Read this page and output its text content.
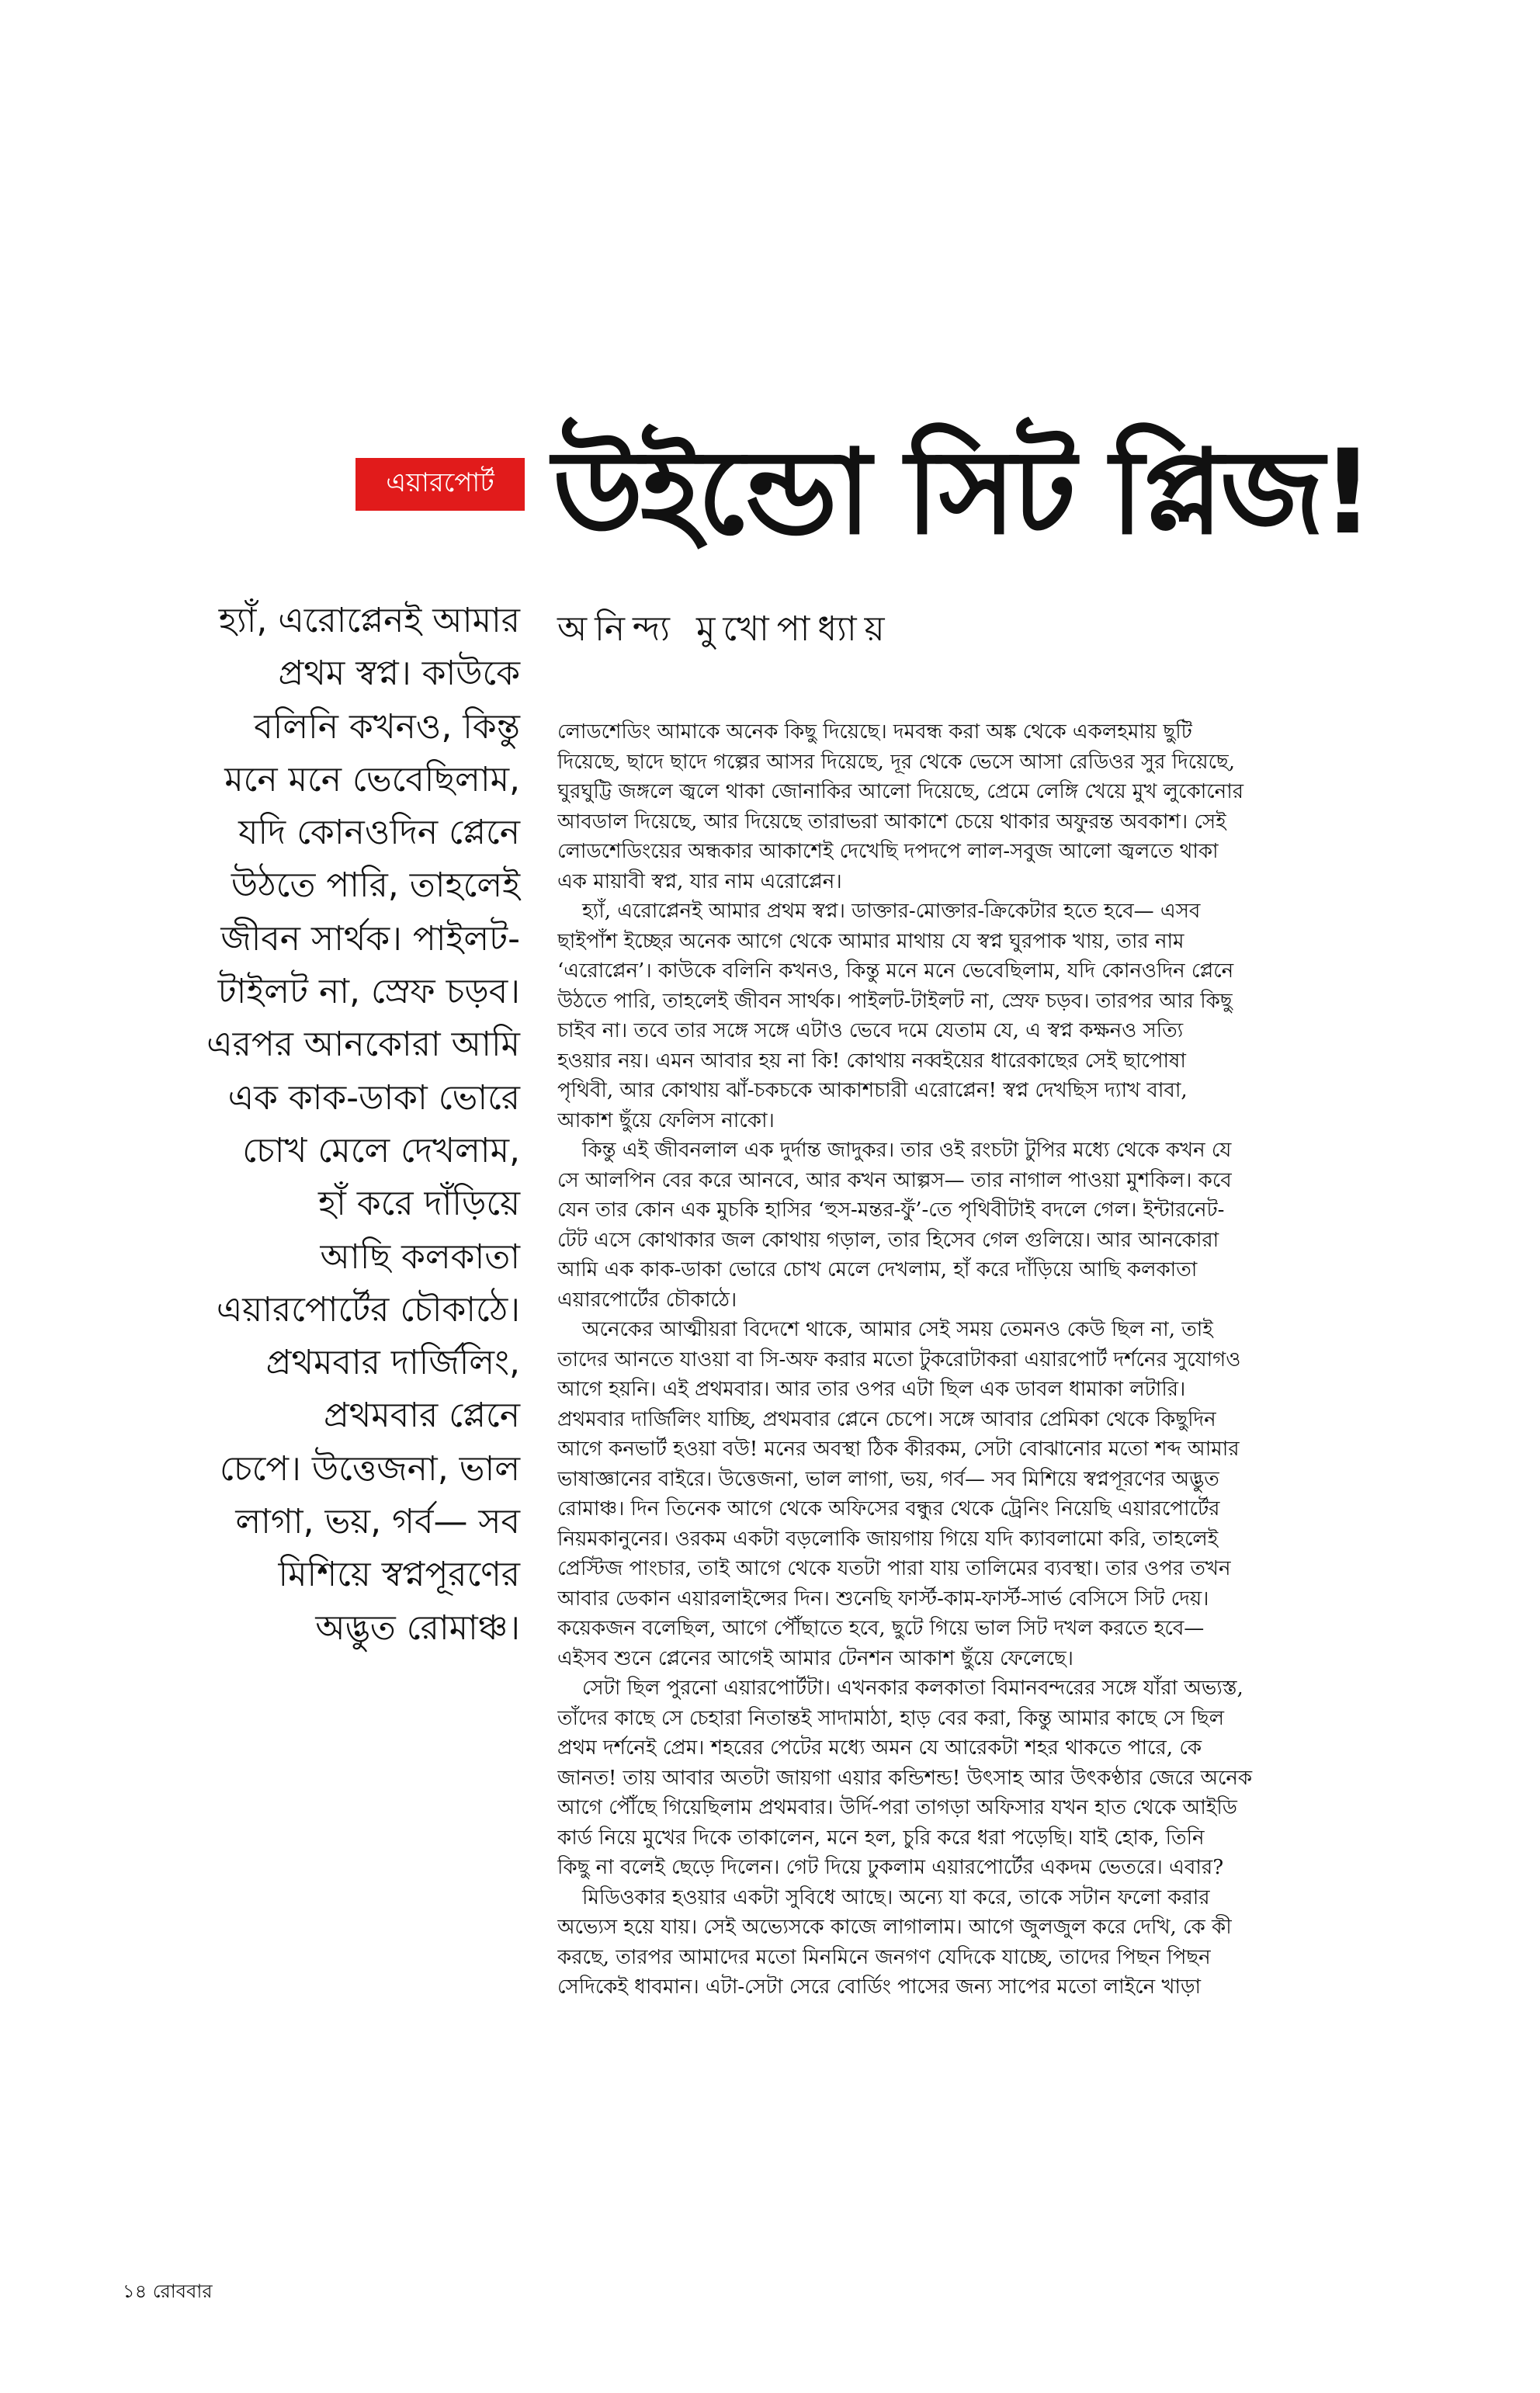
এয়ারপোর্ট উইন্ডো সিট প্লিজ!
অনিন্দ্য মুখোপাধ্যায়
হ্যাঁ, এরোপ্লেনই আমার
প্রথম স্বপ্ন। কাউকে
বলিনি কখনও, কিন্তু
মনে মনে ভেবেছিলাম,
যদি কোনওদিন প্লেনে
উঠতে পারি, তাহলেই
জীবন সার্থক। পাইলট-
টাইলট না, স্রেফ চড়ব।
এরপর আনকোরা আমি
এক কাক-ডাকা ভোরে
চোখ মেলে দেখলাম,
হাঁ করে দাঁড়িয়ে
আছি কলকাতা
এয়ারপোর্টের চৌকাঠে।
প্রথমবার দার্জিলিং,
প্রথমবার প্লেনে
চেপে। উত্তেজনা, ভাল
লাগা, ভয়, গর্ব— সব
মিশিয়ে স্বপ্নপূরণের
অদ্ভুত রোমাঞ্চ।
লোডশেডিং আমাকে অনেক কিছু দিয়েছে। দমবন্ধ করা অঙ্ক থেকে একলহমায় ছুটি
দিয়েছে, ছাদে ছাদে গল্পের আসর দিয়েছে, দূর থেকে ভেসে আসা রেডিওর সুর দিয়েছে,
ঘুরঘুট্টি জঙ্গলে জ্বলে থাকা জোনাকির আলো দিয়েছে, প্রেমে লেঙ্গি খেয়ে মুখ লুকোনোর
আবডাল দিয়েছে, আর দিয়েছে তারাভরা আকাশে চেয়ে থাকার অফুরন্ত অবকাশ। সেই
লোডশেডিংয়ের অন্ধকার আকাশেই দেখেছি দপদপে লাল-সবুজ আলো জ্বলতে থাকা
এক মায়াবী স্বপ্ন, যার নাম এরোপ্লেন।
হ্যাঁ, এরোপ্লেনই আমার প্রথম স্বপ্ন। ডাক্তার-মোক্তার-ক্রিকেটার হতে হবে— এসব
ছাইপাঁশ ইচ্ছের অনেক আগে থেকে আমার মাথায় যে স্বপ্ন ঘুরপাক খায়, তার নাম
‘এরোপ্লেন’। কাউকে বলিনি কখনও, কিন্তু মনে মনে ভেবেছিলাম, যদি কোনওদিন প্লেনে
উঠতে পারি, তাহলেই জীবন সার্থক। পাইলট-টাইলট না, স্রেফ চড়ব। তারপর আর কিছু
চাইব না। তবে তার সঙ্গে সঙ্গে এটাও ভেবে দমে যেতাম যে, এ স্বপ্ন কক্ষনও সত্যি
হওয়ার নয়। এমন আবার হয় না কি! কোথায় নব্বইয়ের ধারেকাছের সেই ছাপোষা
পৃথিবী, আর কোথায় ঝাঁ-চকচকে আকাশচারী এরোপ্লেন! স্বপ্ন দেখছিস দ্যাখ বাবা,
আকাশ ছুঁয়ে ফেলিস নাকো।
কিন্তু এই জীবনলাল এক দুর্দান্ত জাদুকর। তার ওই রংচটা টুপির মধ্যে থেকে কখন যে
সে আলপিন বের করে আনবে, আর কখন আল্পস— তার নাগাল পাওয়া মুশকিল। কবে
যেন তার কোন এক মুচকি হাসির ‘হুস-মন্তর-ফুঁ’-তে পৃথিবীটাই বদলে গেল। ইন্টারনেট-
টেট এসে কোথাকার জল কোথায় গড়াল, তার হিসেব গেল গুলিয়ে। আর আনকোরা
আমি এক কাক-ডাকা ভোরে চোখ মেলে দেখলাম, হাঁ করে দাঁড়িয়ে আছি কলকাতা
এয়ারপোর্টের চৌকাঠে।
অনেকের আত্মীয়রা বিদেশে থাকে, আমার সেই সময় তেমনও কেউ ছিল না, তাই
তাদের আনতে যাওয়া বা সি-অফ করার মতো টুকরোটাকরা এয়ারপোর্ট দর্শনের সুযোগও
আগে হয়নি। এই প্রথমবার। আর তার ওপর এটা ছিল এক ডাবল ধামাকা লটারি।
প্রথমবার দার্জিলিং যাচ্ছি, প্রথমবার প্লেনে চেপে। সঙ্গে আবার প্রেমিকা থেকে কিছুদিন
আগে কনভার্ট হওয়া বউ! মনের অবস্থা ঠিক কীরকম, সেটা বোঝানোর মতো শব্দ আমার
ভাষাজ্ঞানের বাইরে। উত্তেজনা, ভাল লাগা, ভয়, গর্ব— সব মিশিয়ে স্বপ্নপূরণের অদ্ভুত
রোমাঞ্চ। দিন তিনেক আগে থেকে অফিসের বন্ধুর থেকে ট্রেনিং নিয়েছি এয়ারপোর্টের
নিয়মকানুনের। ওরকম একটা বড়লোকি জায়গায় গিয়ে যদি ক্যাবলামো করি, তাহলেই
প্রেস্টিজ পাংচার, তাই আগে থেকে যতটা পারা যায় তালিমের ব্যবস্থা। তার ওপর তখন
আবার ডেকান এয়ারলাইন্সের দিন। শুনেছি ফার্স্ট-কাম-ফার্স্ট-সার্ভ বেসিসে সিট দেয়।
কয়েকজন বলেছিল, আগে পৌঁছাতে হবে, ছুটে গিয়ে ভাল সিট দখল করতে হবে—
এইসব শুনে প্লেনের আগেই আমার টেনশন আকাশ ছুঁয়ে ফেলেছে।
সেটা ছিল পুরনো এয়ারপোর্টটা। এখনকার কলকাতা বিমানবন্দরের সঙ্গে যাঁরা অভ্যস্ত,
তাঁদের কাছে সে চেহারা নিতান্তই সাদামাঠা, হাড় বের করা, কিন্তু আমার কাছে সে ছিল
প্রথম দর্শনেই প্রেম। শহরের পেটের মধ্যে অমন যে আরেকটা শহর থাকতে পারে, কে
জানত! তায় আবার অতটা জায়গা এয়ার কন্ডিশন্ড! উৎসাহ আর উৎকণ্ঠার জেরে অনেক
আগে পৌঁছে গিয়েছিলাম প্রথমবার। উর্দি-পরা তাগড়া অফিসার যখন হাত থেকে আইডি
কার্ড নিয়ে মুখের দিকে তাকালেন, মনে হল, চুরি করে ধরা পড়েছি। যাই হোক, তিনি
কিছু না বলেই ছেড়ে দিলেন। গেট দিয়ে ঢুকলাম এয়ারপোর্টের একদম ভেতরে। এবার?
মিডিওকার হওয়ার একটা সুবিধে আছে। অন্যে যা করে, তাকে সটান ফলো করার
অভ্যেস হয়ে যায়। সেই অভ্যেসকে কাজে লাগালাম। আগে জুলজুল করে দেখি, কে কী
করছে, তারপর আমাদের মতো মিনমিনে জনগণ যেদিকে যাচ্ছে, তাদের পিছন পিছন
সেদিকেই ধাবমান। এটা-সেটা সেরে বোর্ডিং পাসের জন্য সাপের মতো লাইনে খাড়া
১৪ রোববার
